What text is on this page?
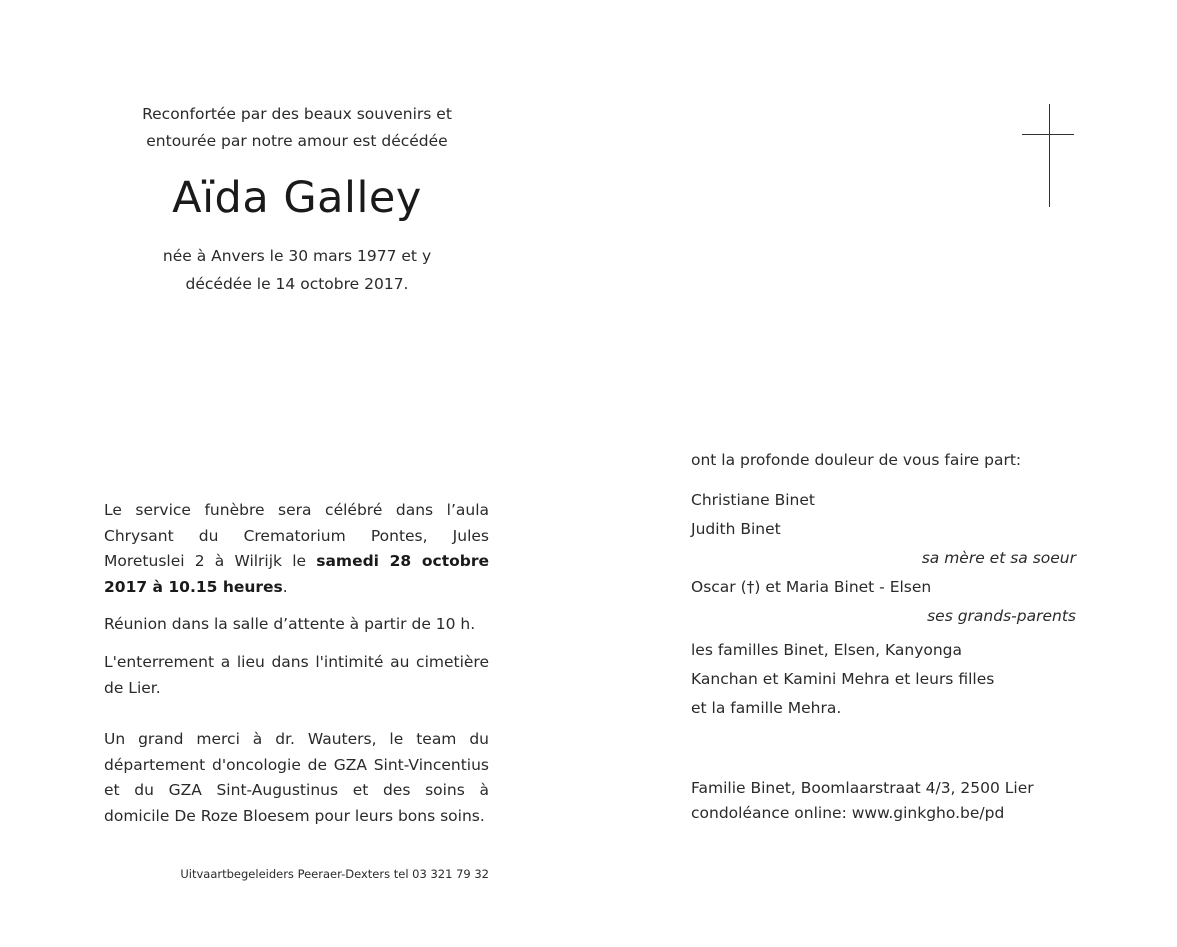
Reconfortée par des beaux souvenirs et
entourée par notre amour est décédée
Aïda Galley
née à Anvers le 30 mars 1977 et y
décédée le 14 octobre 2017.
Le service funèbre sera célébré dans l’aula Chrysant du Crematorium Pontes, Jules Moretuslei 2 à Wilrijk le samedi 28 octobre 2017 à 10.15 heures.
Réunion dans la salle d’attente à partir de 10 h.
L'enterrement a lieu dans l'intimité au cimetière de Lier.
Un grand merci à dr. Wauters, le team du département d'oncologie de GZA Sint-Vincentius et du GZA Sint-Augustinus et des soins à domicile De Roze Bloesem pour leurs bons soins.
Uitvaartbegeleiders Peeraer-Dexters tel 03 321 79 32
ont la profonde douleur de vous faire part:
Christiane Binet
Judith Binet
sa mère et sa soeur
Oscar (†) et Maria Binet - Elsen
ses grands-parents
les familles Binet, Elsen, Kanyonga
Kanchan et Kamini Mehra et leurs filles
et la famille Mehra.
Familie Binet, Boomlaarstraat 4/3, 2500 Lier
condoléance online: www.ginkgho.be/pd
